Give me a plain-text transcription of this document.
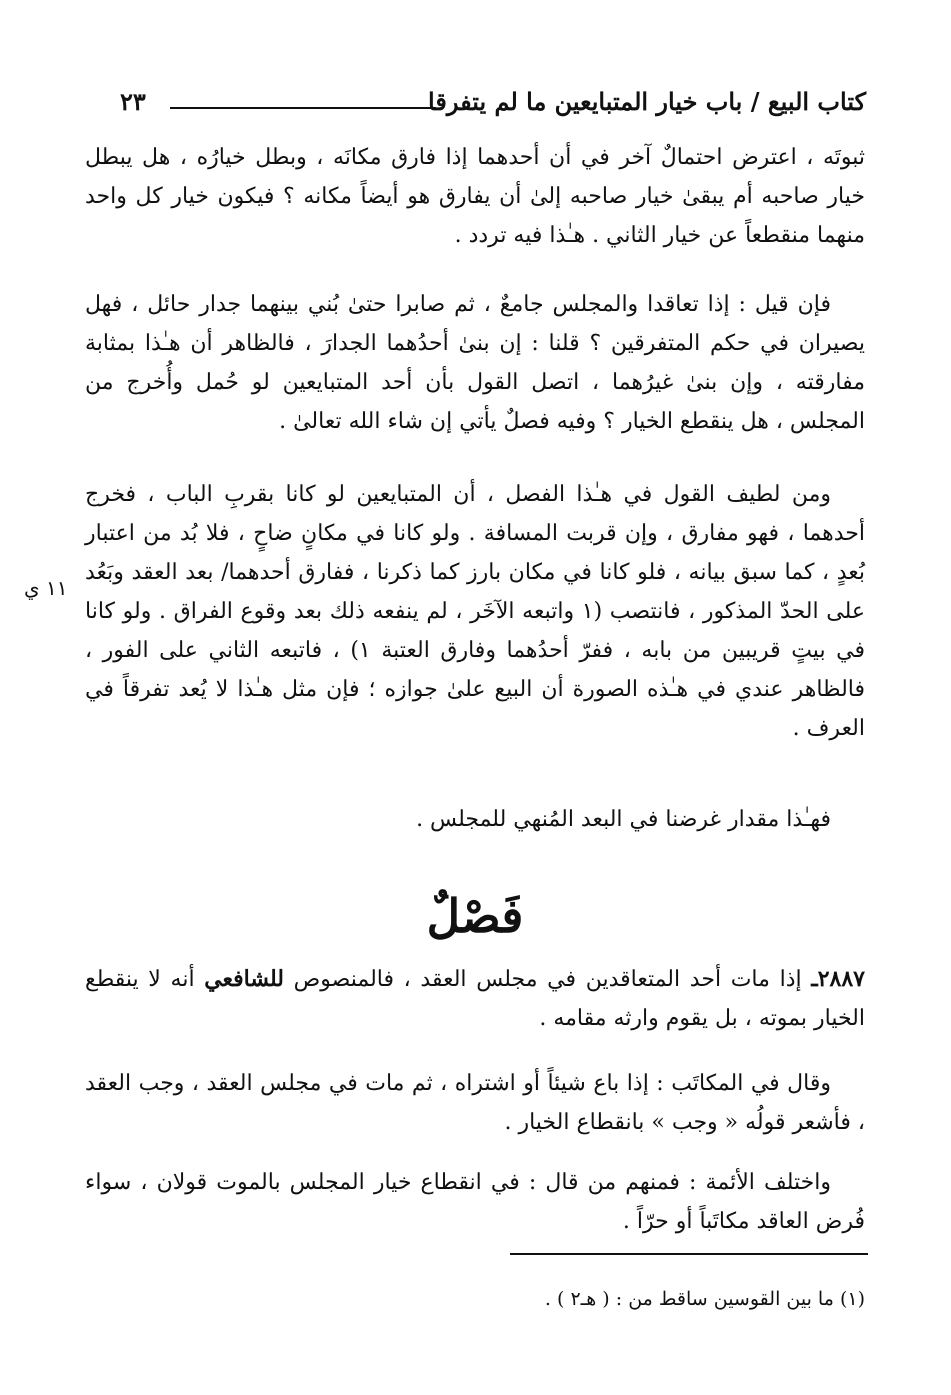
كتاب البيع / باب خيار المتبايعين ما لم يتفرقا
٢٣

ثبوتَه ، اعترض احتمالٌ آخر في أن أحدهما إذا فارق مكانَه ، وبطل خيارُه ، هل يبطل خيار صاحبه أم يبقىٰ خيار صاحبه إلىٰ أن يفارق هو أيضاً مكانه ؟ فيكون خيار كل واحد منهما منقطعاً عن خيار الثاني . هـٰذا فيه تردد .

فإن قيل : إذا تعاقدا والمجلس جامعٌ ، ثم صابرا حتىٰ بُني بينهما جدار حائل ، فهل يصيران في حكم المتفرقين ؟ قلنا : إن بنىٰ أحدُهما الجدارَ ، فالظاهر أن هـٰذا بمثابة مفارقته ، وإن بنىٰ غيرُهما ، اتصل القول بأن أحد المتبايعين لو حُمل وأُخرج من المجلس ، هل ينقطع الخيار ؟ وفيه فصلٌ يأتي إن شاء الله تعالىٰ .

ومن لطيف القول في هـٰذا الفصل ، أن المتبايعين لو كانا بقربِ الباب ، فخرج أحدهما ، فهو مفارق ، وإن قربت المسافة . ولو كانا في مكانٍ ضاحٍ ، فلا بُد من اعتبار بُعدٍ ، كما سبق بيانه ، فلو كانا في مكان بارز كما ذكرنا ، ففارق أحدهما/ بعد العقد وبَعُد على الحدّ المذكور ، فانتصب (١ واتبعه الآخَر ، لم ينفعه ذلك بعد وقوع الفراق . ولو كانا في بيتٍ قريبين من بابه ، ففرّ أحدُهما وفارق العتبة ١) ، فاتبعه الثاني على الفور ، فالظاهر عندي في هـٰذه الصورة أن البيع علىٰ جوازه ؛ فإن مثل هـٰذا لا يُعد تفرقاً في العرف .

١١ ي

فهـٰذا مقدار غرضنا في البعد المُنهي للمجلس .

فَصْلٌ

٢٨٨٧ـ إذا مات أحد المتعاقدين في مجلس العقد ، فالمنصوص للشافعي أنه لا ينقطع الخيار بموته ، بل يقوم وارثه مقامه .

وقال في المكاتَب : إذا باع شيئاً أو اشتراه ، ثم مات في مجلس العقد ، وجب العقد ، فأشعر قولُه « وجب » بانقطاع الخيار .

واختلف الأئمة : فمنهم من قال : في انقطاع خيار المجلس بالموت قولان ، سواء فُرض العاقد مكاتَباً أو حرّاً .

(١) ما بين القوسين ساقط من : ( هـ٢ ) .
